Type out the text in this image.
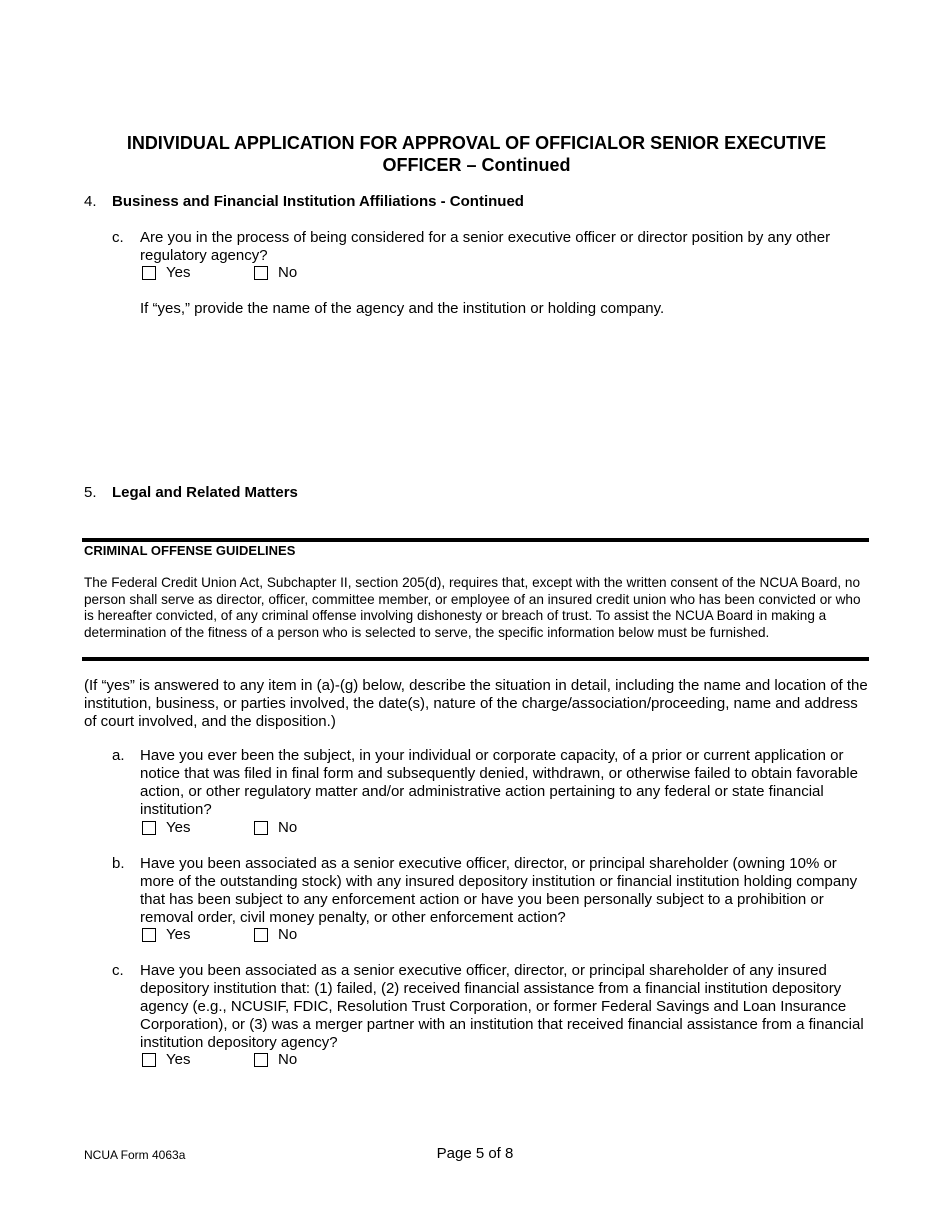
INDIVIDUAL APPLICATION FOR APPROVAL OF OFFICIALOR SENIOR EXECUTIVE
OFFICER – Continued
4. Business and Financial Institution Affiliations - Continued
c. Are you in the process of being considered for a senior executive officer or director position by any other regulatory agency?
Yes	No
If “yes,” provide the name of the agency and the institution or holding company.
5. Legal and Related Matters
CRIMINAL OFFENSE GUIDELINES
The Federal Credit Union Act, Subchapter II, section 205(d), requires that, except with the written consent of the NCUA Board, no person shall serve as director, officer, committee member, or employee of an insured credit union who has been convicted or who is hereafter convicted, of any criminal offense involving dishonesty or breach of trust. To assist the NCUA Board in making a determination of the fitness of a person who is selected to serve, the specific information below must be furnished.
(If “yes” is answered to any item in (a)-(g) below, describe the situation in detail, including the name and location of the institution, business, or parties involved, the date(s), nature of the charge/association/proceeding, name and address of court involved, and the disposition.)
a. Have you ever been the subject, in your individual or corporate capacity, of a prior or current application or notice that was filed in final form and subsequently denied, withdrawn, or otherwise failed to obtain favorable action, or other regulatory matter and/or administrative action pertaining to any federal or state financial institution?
Yes	No
b. Have you been associated as a senior executive officer, director, or principal shareholder (owning 10% or more of the outstanding stock) with any insured depository institution or financial institution holding company that has been subject to any enforcement action or have you been personally subject to a prohibition or removal order, civil money penalty, or other enforcement action?
Yes	No
c. Have you been associated as a senior executive officer, director, or principal shareholder of any insured depository institution that: (1) failed, (2) received financial assistance from a financial institution depository agency (e.g., NCUSIF, FDIC, Resolution Trust Corporation, or former Federal Savings and Loan Insurance Corporation), or (3) was a merger partner with an institution that received financial assistance from a financial institution depository agency?
Yes	No
NCUA Form 4063a	Page 5 of 8
